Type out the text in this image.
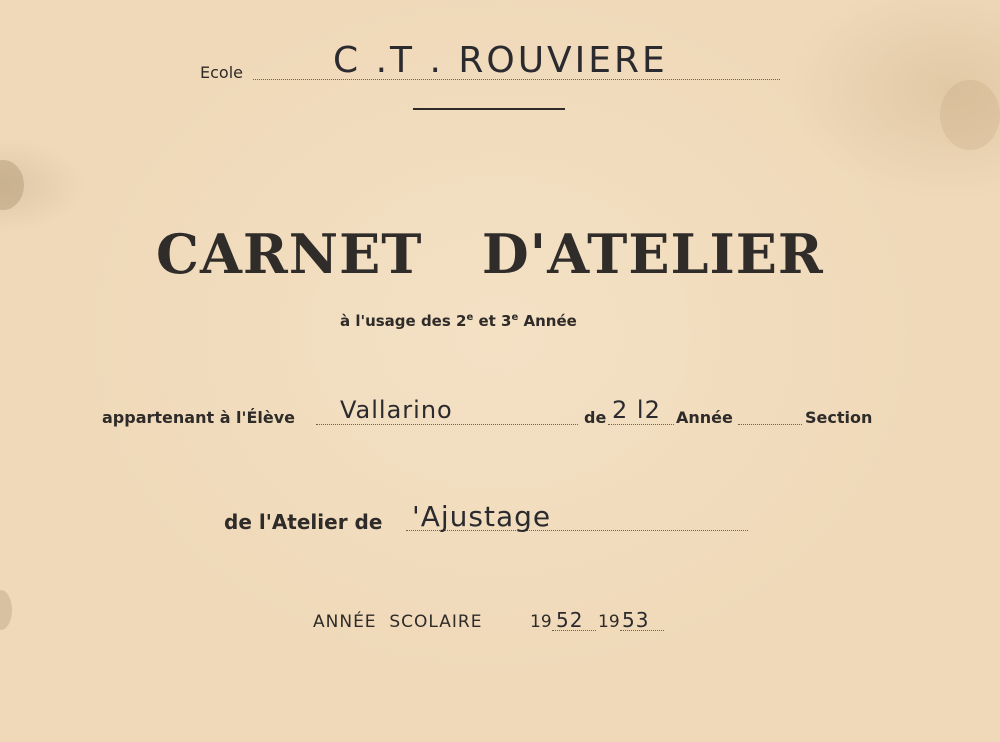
Ecole	C .T . ROUVIERE
CARNET   D'ATELIER
à l'usage des 2e et 3e Année
appartenant à l'Élève Vallarino	de 2 l2 Année	Section
de l'Atelier de 'Ajustage
ANNÉE  SCOLAIRE	19 52 19 53
